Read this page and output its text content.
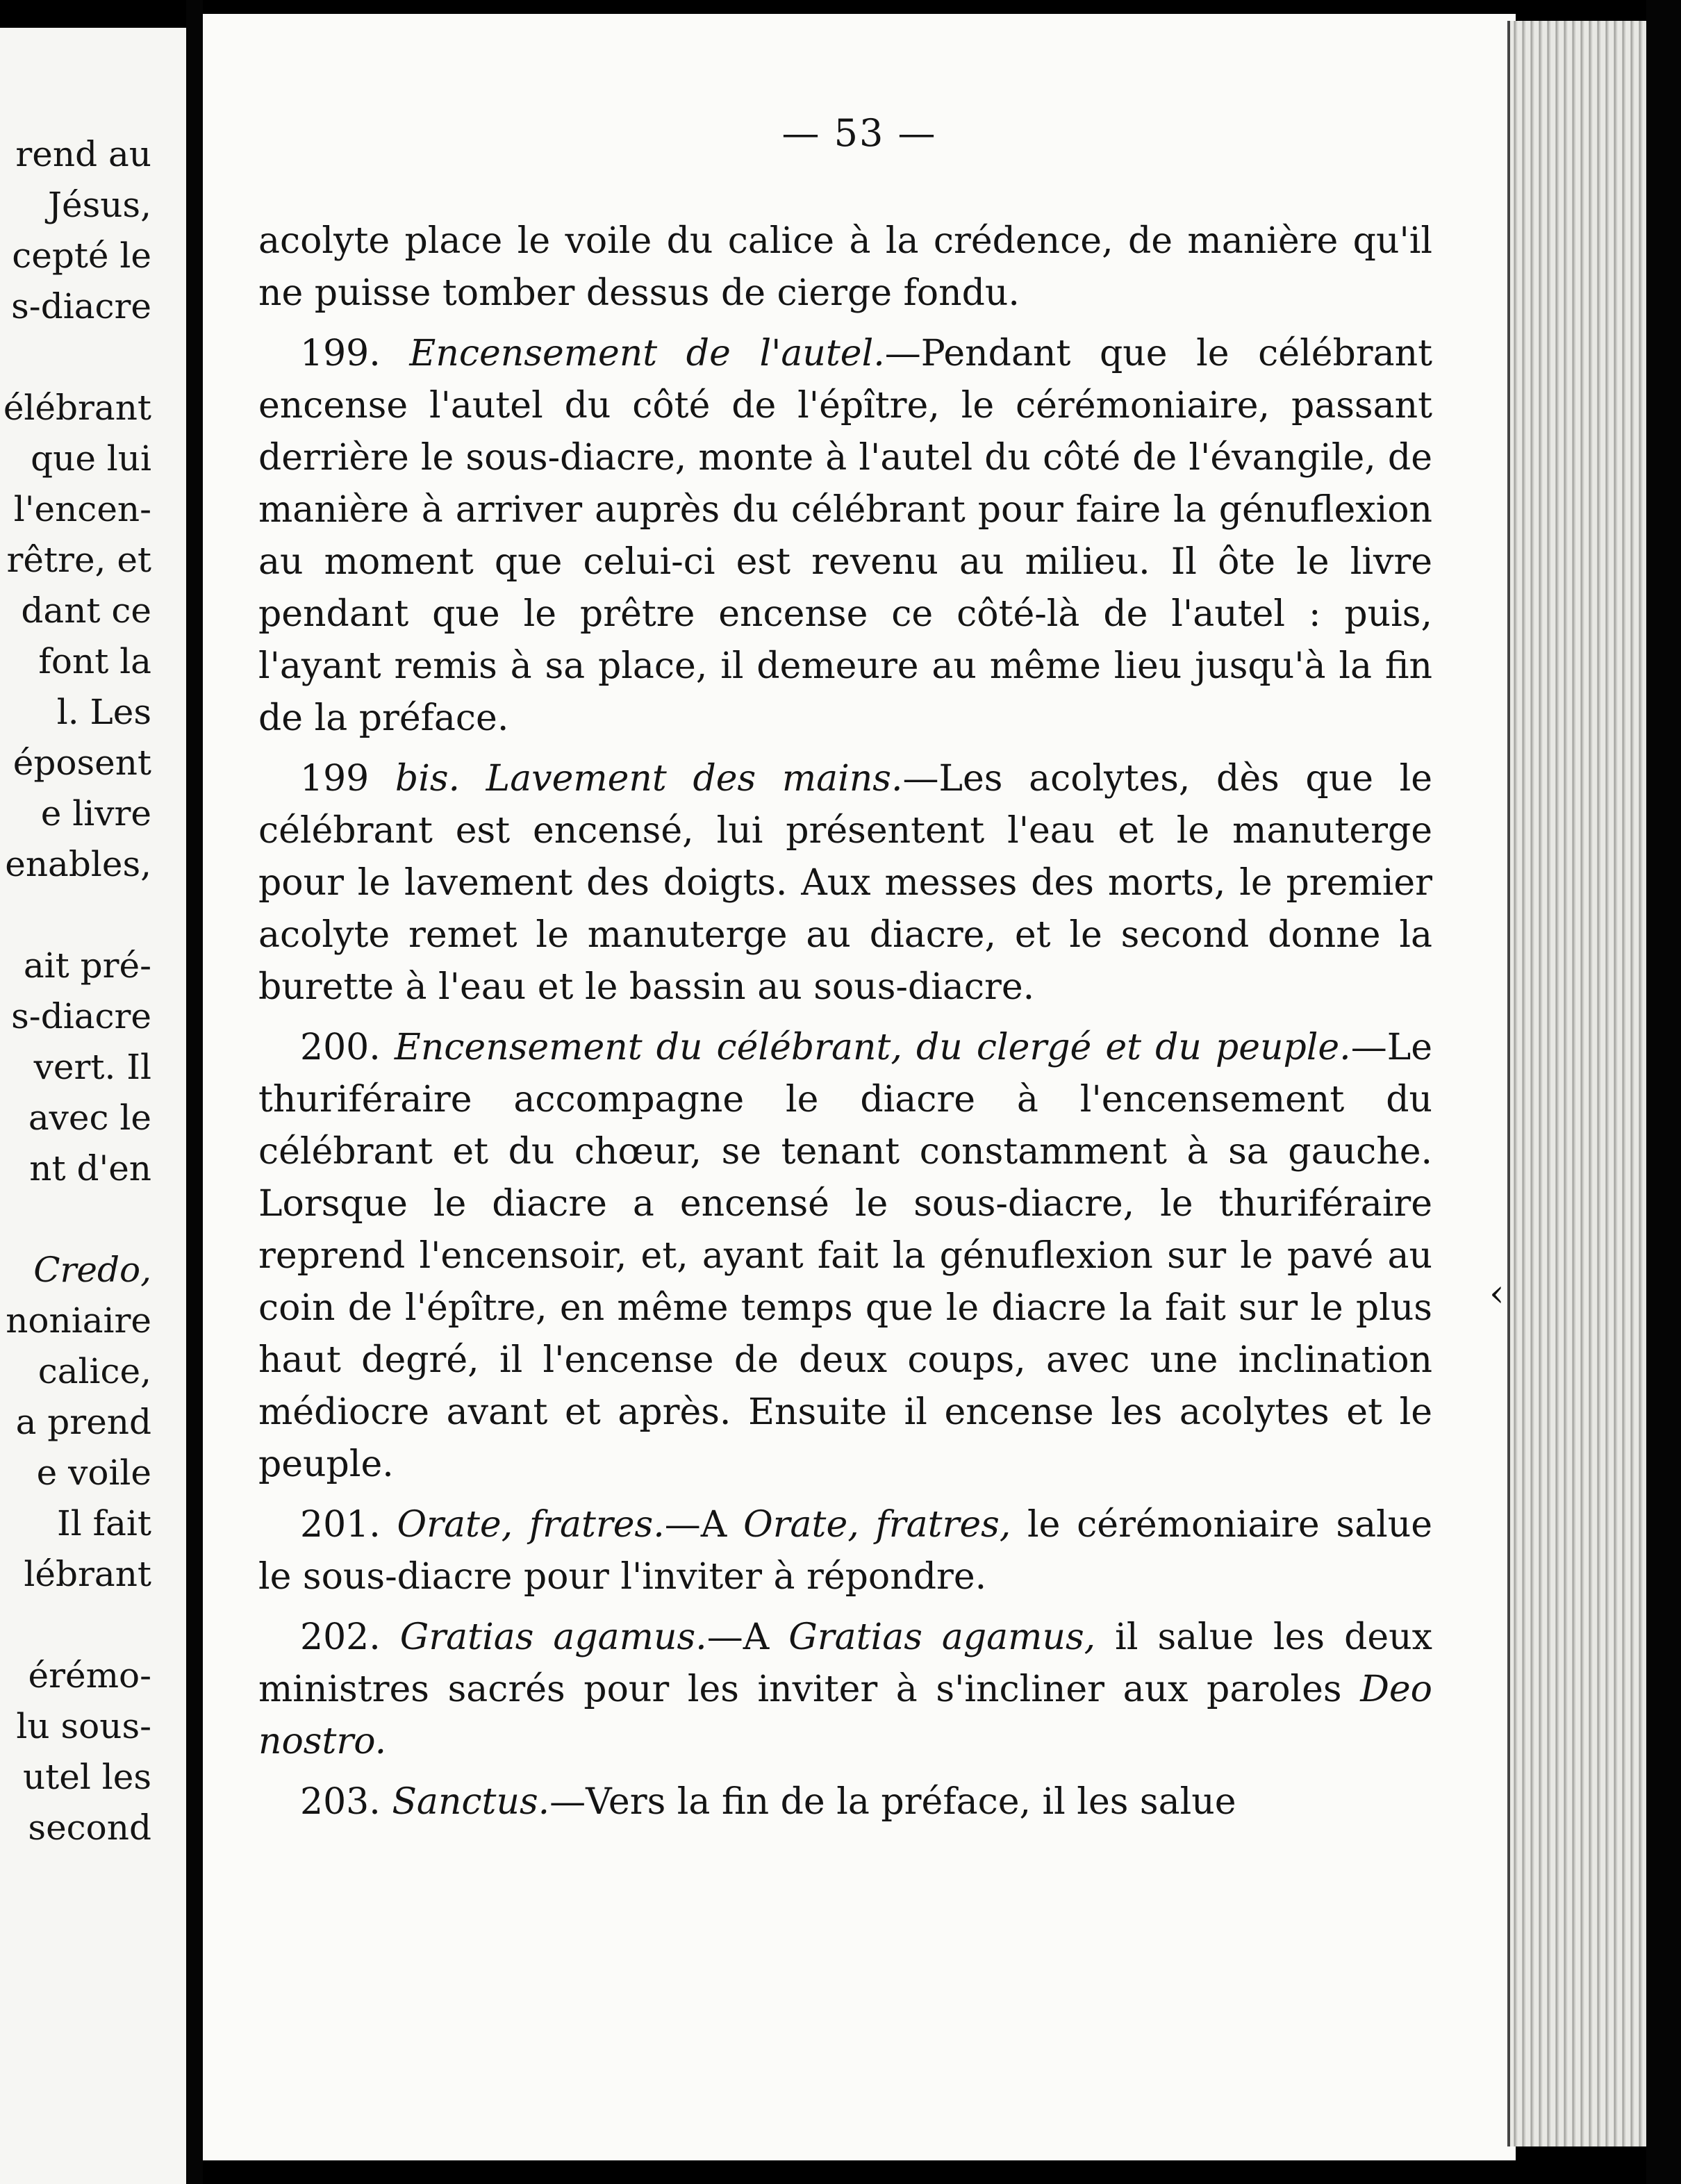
rend au
Jésus,
cepté le
s-diacre
élébrant
que lui
l'encen-
rêtre, et
dant ce
font la
l. Les
éposent
e livre
enables,
ait pré-
s-diacre
vert. Il
avec le
nt d'en
Credo,
noniaire
calice,
a prend
e voile
Il fait
lébrant
érémo-
lu sous-
utel les
second
— 53 —

acolyte place le voile du calice à la crédence, de manière qu'il ne puisse tomber dessus de cierge fondu.

199. Encensement de l'autel.—Pendant que le célébrant encense l'autel du côté de l'épître, le cérémoniaire, passant derrière le sous-diacre, monte à l'autel du côté de l'évangile, de manière à arriver auprès du célébrant pour faire la génuflexion au moment que celui-ci est revenu au milieu. Il ôte le livre pendant que le prêtre encense ce côté-là de l'autel : puis, l'ayant remis à sa place, il demeure au même lieu jusqu'à la fin de la préface.

199 bis. Lavement des mains.—Les acolytes, dès que le célébrant est encensé, lui présentent l'eau et le manuterge pour le lavement des doigts. Aux messes des morts, le premier acolyte remet le manuterge au diacre, et le second donne la burette à l'eau et le bassin au sous-diacre.

200. Encensement du célébrant, du clergé et du peuple.—Le thuriféraire accompagne le diacre à l'encensement du célébrant et du chœur, se tenant constamment à sa gauche. Lorsque le diacre a encensé le sous-diacre, le thuriféraire reprend l'encensoir, et, ayant fait la génuflexion sur le pavé au coin de l'épître, en même temps que le diacre la fait sur le plus haut degré, il l'encense de deux coups, avec une inclination médiocre avant et après. Ensuite il encense les acolytes et le peuple.

201. Orate, fratres.—A Orate, fratres, le cérémoniaire salue le sous-diacre pour l'inviter à répondre.

202. Gratias agamus.—A Gratias agamus, il salue les deux ministres sacrés pour les inviter à s'incliner aux paroles Deo nostro.

203. Sanctus.—Vers la fin de la préface, il les salue

‹
